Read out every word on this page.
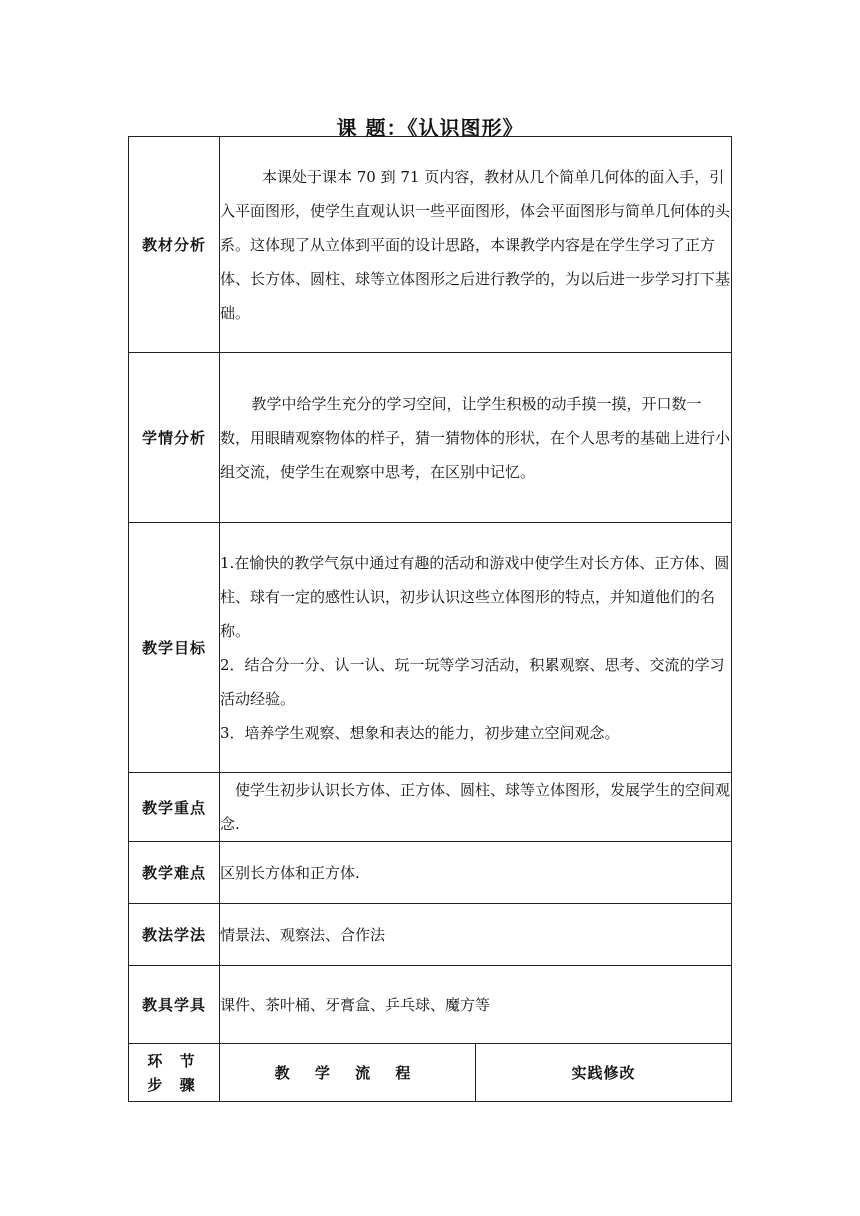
课 题：《认识图形》
教材分析	本课处于课本 70 到 71 页内容，教材从几个简单几何体的面入手，引入平面图形，使学生直观认识一些平面图形，体会平面图形与简单几何体的头系。这体现了从立体到平面的设计思路，本课教学内容是在学生学习了正方体、长方体、圆柱、球等立体图形之后进行教学的，为以后进一步学习打下基础。	
学情分析	教学中给学生充分的学习空间，让学生积极的动手摸一摸，开口数一数，用眼睛观察物体的样子，猜一猜物体的形状，在个人思考的基础上进行小组交流，使学生在观察中思考，在区别中记忆。	
教学目标	1.在愉快的教学气氛中通过有趣的活动和游戏中使学生对长方体、正方体、圆柱、球有一定的感性认识，初步认识这些立体图形的特点，并知道他们的名称。

2．结合分一分、认一认、玩一玩等学习活动，积累观察、思考、交流的学习活动经验。

3．培养学生观察、想象和表达的能力，初步建立空间观念。	

教学重点	使学生初步认识长方体、正方体、圆柱、球等立体图形，发展学生的空间观念.	
教学难点	区别长方体和正方体.	
教法学法	情景法、观察法、合作法	
教具学具	课件、茶叶桶、牙膏盒、乒乓球、魔方等	

环 节
步 骤	教 学 流 程	实践修改
